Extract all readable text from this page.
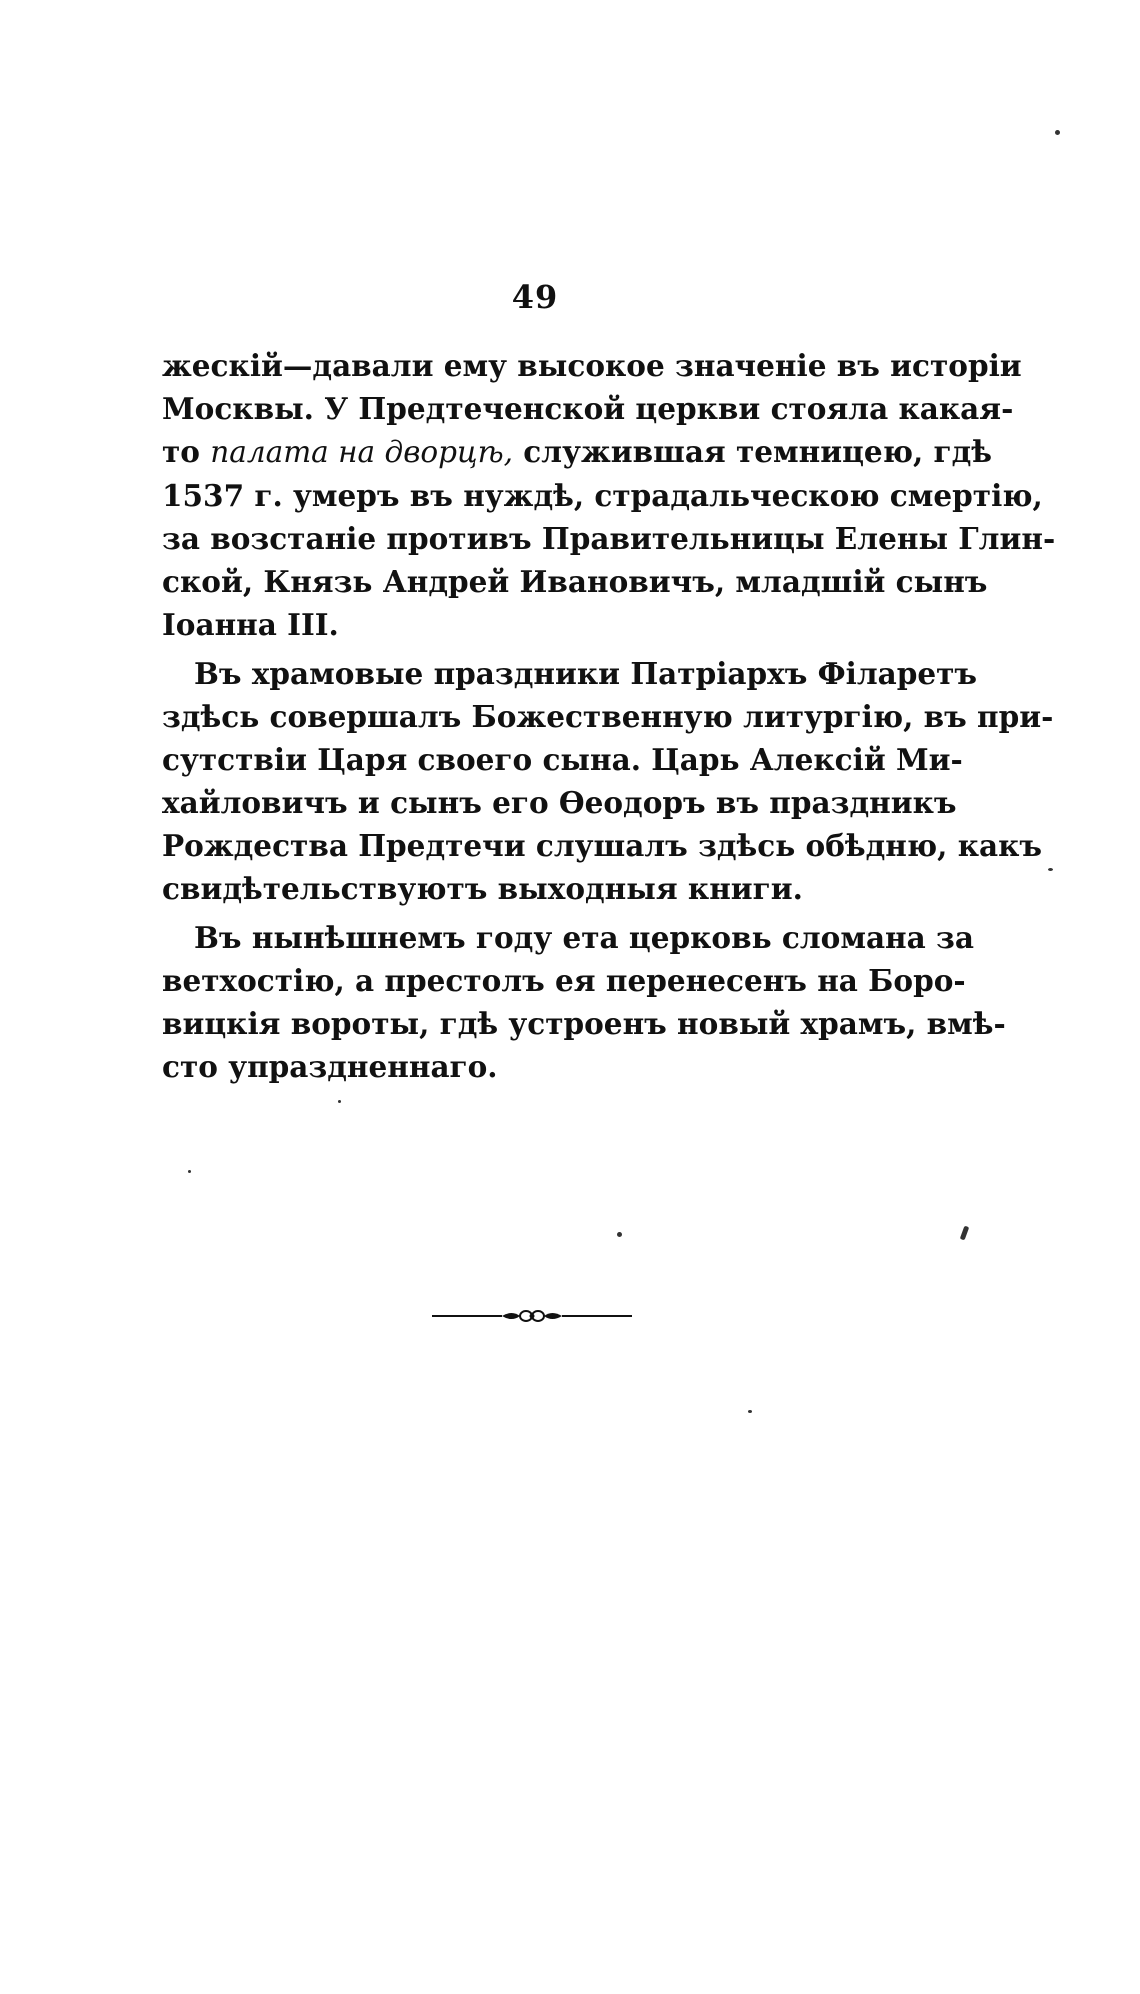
49

жескій—давали ему высокое значеніе въ исторіи
Москвы. У Предтеченской церкви стояла какая-
то палата на дворцѣ, служившая темницею, гдѣ
1537 г. умеръ въ нуждѣ, страдальческою смертію,
за возстаніе противъ Правительницы Елены Глин-
ской, Князь Андрей Ивановичъ, младшій сынъ
Іоанна III.

Въ храмовые праздники Патріархъ Філаретъ
здѣсь совершалъ Божественную литургію, въ при-
сутствіи Царя своего сына. Царь Алексій Ми-
хайловичъ и сынъ его Ѳеодоръ въ праздникъ
Рождества Предтечи слушалъ здѣсь обѣдню, какъ
свидѣтельствуютъ выходныя книги.

Въ нынѣшнемъ году ета церковь сломана за
ветхостію, а престолъ ея перенесенъ на Боро-
вицкія вороты, гдѣ устроенъ новый храмъ, вмѣ-
сто упраздненнаго.
